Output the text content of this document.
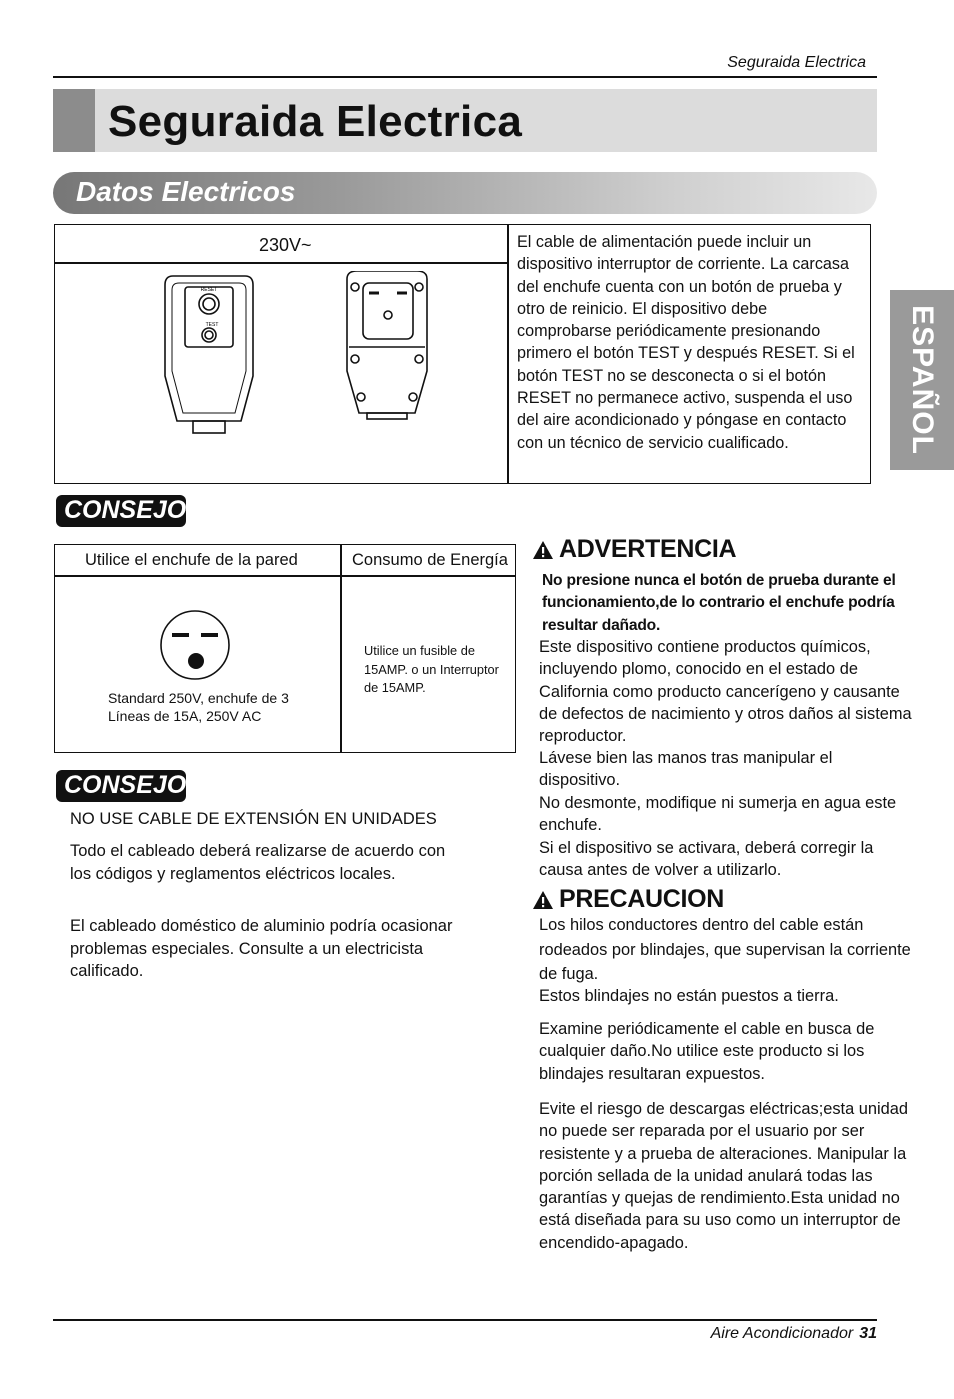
Seguraida Electrica
Seguraida Electrica
Datos Electricos
ESPAÑOL
230V~
RESET
TEST
El cable de alimentación puede incluir un dispositivo interruptor de corriente. La carcasa del enchufe cuenta con un botón de prueba y otro de reinicio. El dispositivo debe comprobarse periódicamente presionando primero el botón TEST y después RESET. Si el botón TEST no se desconecta o si el botón RESET no permanece activo, suspenda el uso del aire acondicionado y póngase en contacto con un técnico de servicio cualificado.
CONSEJO
Utilice el enchufe de la pared	Consumo de Energía
Standard 250V, enchufe de 3 Líneas de 15A, 250V AC
Utilice un fusible de 15AMP. o un Interruptor de 15AMP.
CONSEJO
NO USE CABLE DE EXTENSIÓN EN UNIDADES
Todo el cableado deberá realizarse de acuerdo con los códigos y reglamentos eléctricos locales.
El cableado doméstico de aluminio podría ocasionar problemas especiales. Consulte a un electricista calificado.
ADVERTENCIA
No presione nunca el botón de prueba durante el funcionamiento,de lo contrario el enchufe podría resultar dañado.
Este dispositivo contiene productos químicos, incluyendo plomo, conocido en el estado de California como producto cancerígeno y causante de defectos de nacimiento y otros daños al sistema reproductor.
Lávese bien las manos tras manipular el dispositivo.
No desmonte, modifique ni sumerja en agua este enchufe.
Si el dispositivo se activara, deberá corregir la causa antes de volver a utilizarlo.
PRECAUCION
Los hilos conductores dentro del cable están rodeados por blindajes, que supervisan la corriente de fuga.
Estos blindajes no están puestos a tierra.
Examine periódicamente el cable en busca de cualquier daño.No utilice este producto si los blindajes resultaran expuestos.
Evite el riesgo de descargas eléctricas;esta unidad no puede ser reparada por el usuario por ser resistente y a prueba de alteraciones. Manipular la porción sellada de la unidad anulará todas las garantías y quejas de rendimiento.Esta unidad no está diseñada para su uso como un interruptor de encendido-apagado.
Aire Acondicionador 31
